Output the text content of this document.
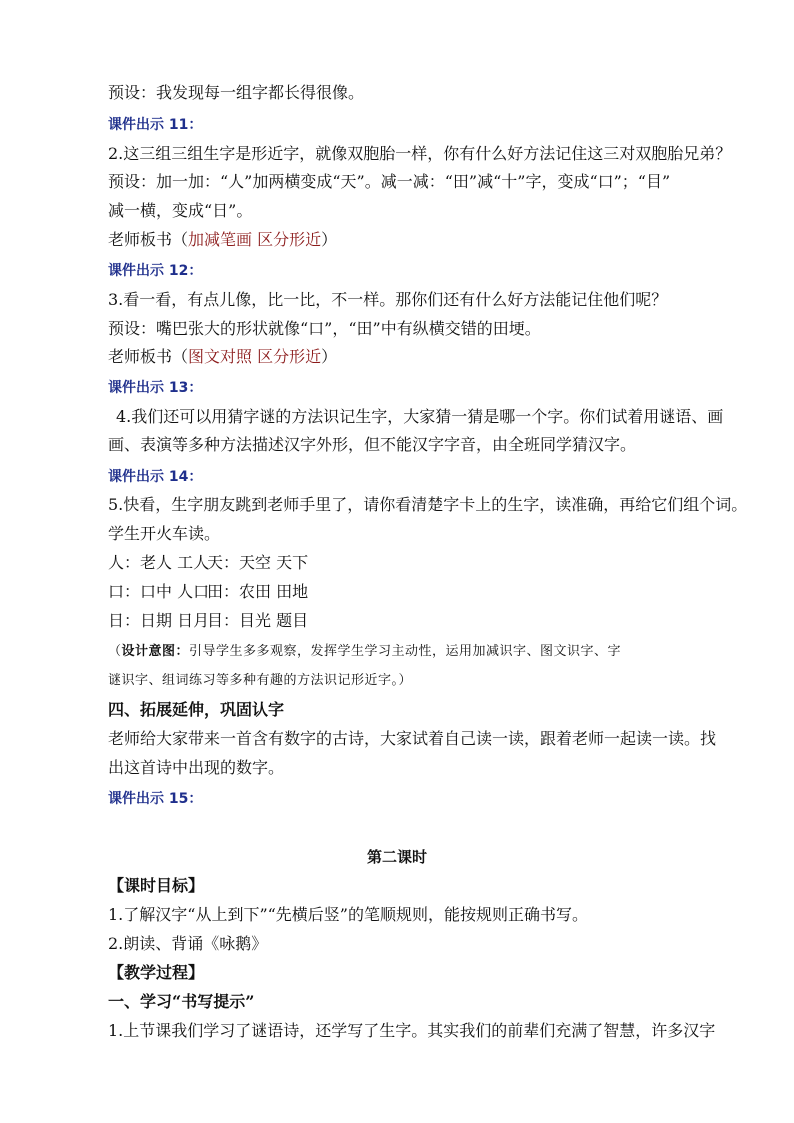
预设：我发现每一组字都长得很像。
课件出示 11：
2.这三组三组生字是形近字，就像双胞胎一样，你有什么好方法记住这三对双胞胎兄弟？
预设：加一加：“人”加两横变成“天”。减一减：“田”减“十”字，变成“口”；“目”
减一横，变成“日”。
老师板书（加减笔画 区分形近）
课件出示 12：
3.看一看，有点儿像，比一比，不一样。那你们还有什么好方法能记住他们呢？
预设：嘴巴张大的形状就像“口”，“田”中有纵横交错的田埂。
老师板书（图文对照 区分形近）
课件出示 13：
4.我们还可以用猜字谜的方法识记生字，大家猜一猜是哪一个字。你们试着用谜语、画
画、表演等多种方法描述汉字外形，但不能汉字字音，由全班同学猜汉字。
课件出示 14：
5.快看，生字朋友跳到老师手里了，请你看清楚字卡上的生字，读准确，再给它们组个词。
学生开火车读。
人：老人 工人
天：天空 天下
口：口中 人口
田：农田 田地
日：日期 日月
目：目光 题目
（设计意图：引导学生多多观察，发挥学生学习主动性，运用加减识字、图文识字、字
谜识字、组词练习等多种有趣的方法识记形近字。）
四、拓展延伸，巩固认字
老师给大家带来一首含有数字的古诗，大家试着自己读一读，跟着老师一起读一读。找
出这首诗中出现的数字。
课件出示 15：
第二课时
【课时目标】
1.了解汉字“从上到下”“先横后竖”的笔顺规则，能按规则正确书写。
2.朗读、背诵《咏鹅》
【教学过程】
一、学习“书写提示”
1.上节课我们学习了谜语诗，还学写了生字。其实我们的前辈们充满了智慧，许多汉字
